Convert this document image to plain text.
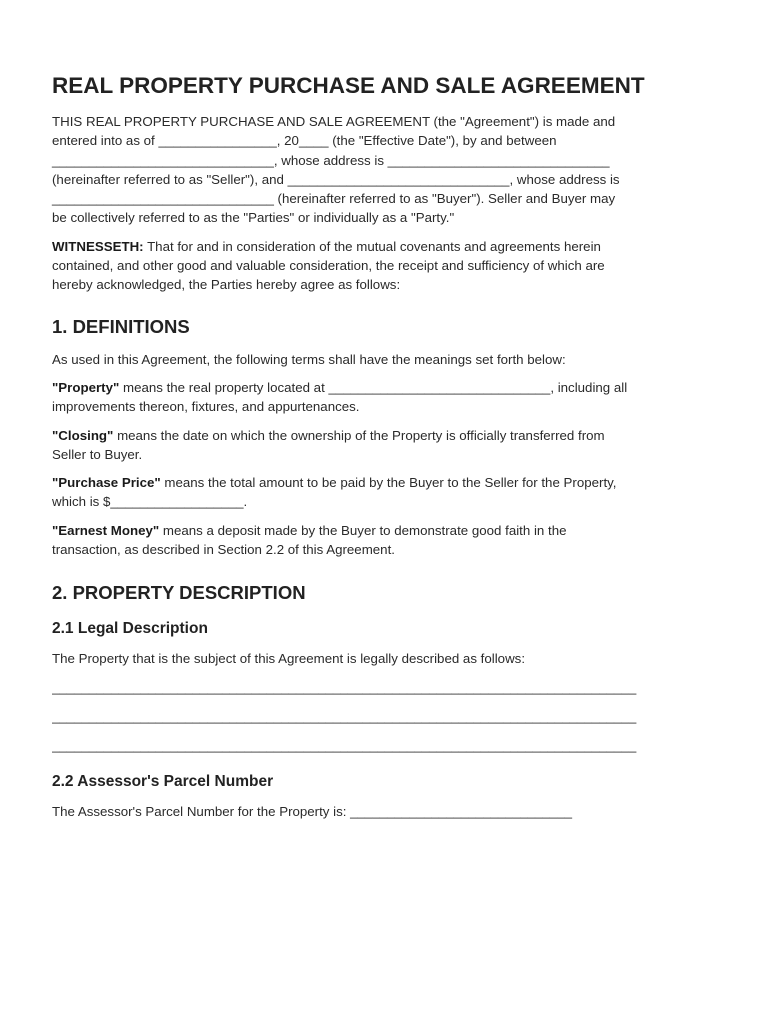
REAL PROPERTY PURCHASE AND SALE AGREEMENT

THIS REAL PROPERTY PURCHASE AND SALE AGREEMENT (the "Agreement") is made and

entered into as of ________________, 20____ (the "Effective Date"), by and between

______________________________, whose address is ______________________________

(hereinafter referred to as "Seller"), and ______________________________, whose address is

______________________________ (hereinafter referred to as "Buyer"). Seller and Buyer may

be collectively referred to as the "Parties" or individually as a "Party."

WITNESSETH: That for and in consideration of the mutual covenants and agreements herein

contained, and other good and valuable consideration, the receipt and sufficiency of which are

hereby acknowledged, the Parties hereby agree as follows:

1. DEFINITIONS

As used in this Agreement, the following terms shall have the meanings set forth below:

"Property" means the real property located at ______________________________, including all

improvements thereon, fixtures, and appurtenances.

"Closing" means the date on which the ownership of the Property is officially transferred from

Seller to Buyer.

"Purchase Price" means the total amount to be paid by the Buyer to the Seller for the Property,

which is $__________________.

"Earnest Money" means a deposit made by the Buyer to demonstrate good faith in the

transaction, as described in Section 2.2 of this Agreement.

2. PROPERTY DESCRIPTION
2.1 Legal Description

The Property that is the subject of this Agreement is legally described as follows:

_______________________________________________________________________________
_______________________________________________________________________________
_______________________________________________________________________________
2.2 Assessor's Parcel Number

The Assessor's Parcel Number for the Property is: ______________________________
